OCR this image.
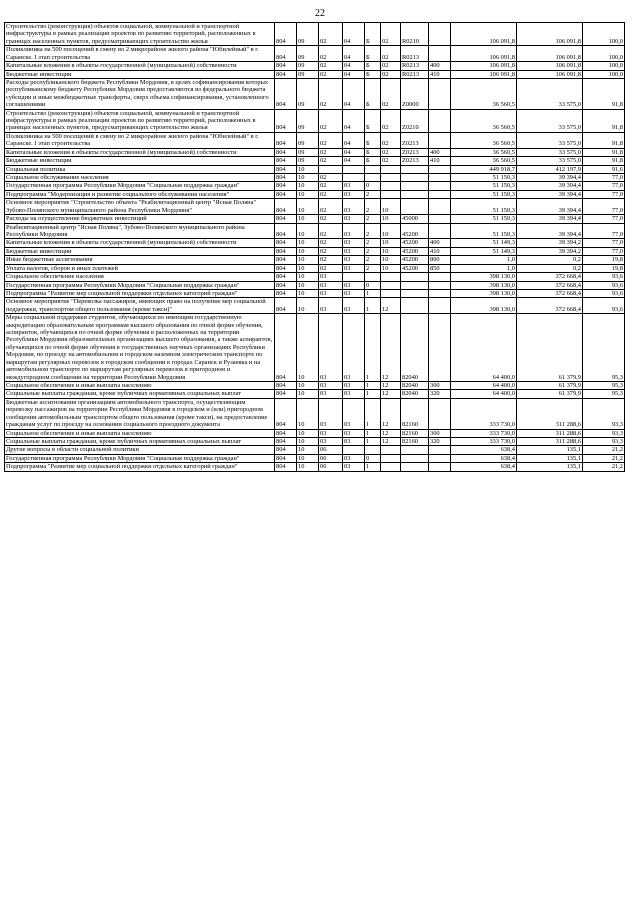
22
Строительство (реконструкция) объектов социальной, коммунальной и транспортной инфраструктуры в рамках реализации проектов по развитию территорий, расположенных в границах населенных пунктов, предусматривающих строительство жилья	804	09	02	04	Б	02	R0210		106 091,8	106 091,8	100,0
Поликлиника на 500 посещений в смену во 2 микрорайоне жилого района "Юбилейный" в г. Саранске. I этап строительства	804	09	02	04	Б	02	R0213		106 091,8	106 091,8	100,0
Капитальные вложения в объекты государственной (муниципальной) собственности	804	09	02	04	Б	02	R0213	400	106 091,8	106 091,8	100,0
Бюджетные инвестиции	804	09	02	04	Б	02	R0213	410	106 091,8	106 091,8	100,0
Расходы республиканского бюджета Республики Мордовия, в целях софинансирования которых республиканскому бюджету Республики Мордовия предоставляются из федерального бюджета субсидии и иные межбюджетные трансферты, сверх объема софинансирования, установленного соглашениями	804	09	02	04	Б	02	Z0000		36 560,5	33 575,0	91,8
Строительство (реконструкция) объектов социальной, коммунальной и транспортной инфраструктуры в рамках реализации проектов по развитию территорий, расположенных в границах населенных пунктов, предусматривающих строительство жилья	804	09	02	04	Б	02	Z0210		36 560,5	33 575,0	91,8
Поликлиника на 500 посещений в смену во 2 микрорайоне жилого района "Юбилейный" в г. Саранске. I этап строительства	804	09	02	04	Б	02	Z0213		36 560,5	33 575,0	91,8
Капитальные вложения в объекты государственной (муниципальной) собственности	804	09	02	04	Б	02	Z0213	400	36 560,5	33 575,0	91,8
Бюджетные инвестиции	804	09	02	04	Б	02	Z0213	410	36 560,5	33 575,0	91,8
Социальная политика	804	10							449 918,7	412 197,9	91,6
Социальное обслуживание населения	804	10	02						51 150,3	39 394,4	77,0
Государственная программа Республики Мордовия "Социальная поддержка граждан"	804	10	02	03	0				51 150,3	39 394,4	77,0
Подпрограмма "Модернизация и развитие социального обслуживания населения"	804	10	02	03	2				51 150,3	39 394,4	77,0
Основное мероприятие "Строительство объекта "Реабилитационный центр "Ясная Поляна" Зубово-Полянского муниципального района Республики Мордовия"	804	10	02	03	2	10			51 150,3	39 394,4	77,0
Расходы на осуществление бюджетных инвестиций	804	10	02	03	2	10	45000		51 150,3	39 394,4	77,0
Реабилитационный центр "Ясная Поляна", Зубово-Полянского муниципального района Республики Мордовия	804	10	02	03	2	10	45200		51 150,3	39 394,4	77,0
Капитальные вложения в объекты государственной (муниципальной) собственности	804	10	02	03	2	10	45200	400	51 149,3	39 394,2	77,0
Бюджетные инвестиции	804	10	02	03	2	10	45200	410	51 149,3	39 394,2	77,0
Иные бюджетные ассигнования	804	10	02	03	2	10	45200	800	1,0	0,2	19,8
Уплата налогов, сборов и иных платежей	804	10	02	03	2	10	45200	850	1,0	0,2	19,8
Социальное обеспечение населения	804	10	03						398 130,0	372 668,4	93,6
Государственная программа Республики Мордовия "Социальная поддержка граждан"	804	10	03	03	0				398 130,0	372 668,4	93,6
Подпрограмма "Развитие мер социальной поддержки отдельных категорий граждан"	804	10	03	03	1				398 130,0	372 668,4	93,6
Основное мероприятие "Перевозка пассажиров, имеющих право на получение мер социальной поддержки, транспортом общего пользования (кроме такси)"	804	10	03	03	1	12			398 130,0	372 668,4	93,6
Меры социальной поддержки студентов, обучающихся по имеющим государственную аккредитацию образовательным программам высшего образования по очной форме обучения, аспирантов, обучающихся по очной форме обучения в расположенных на территории Республики Мордовия образовательных организациях высшего образования, а также аспирантов, обучающихся по очной форме обучения в государственных научных организациях Республики Мордовия, по проезду на автомобильном и городском наземном электрическом транспорте по маршрутам регулярных перевозок в городском сообщении в городах Саранск и Рузаевка и на автомобильном транспорте по маршрутам регулярных перевозок в пригородном и междугородном сообщении на территории Республики Мордовия	804	10	03	03	1	12	82040		64 400,0	61 379,9	95,3
Социальное обеспечение и иные выплаты населению	804	10	03	03	1	12	82040	300	64 400,0	61 379,9	95,3
Социальные выплаты гражданам, кроме публичных нормативных социальных выплат	804	10	03	03	1	12	82040	320	64 400,0	61 379,9	95,3
Бюджетные ассигнования организациям автомобильного транспорта, осуществляющим перевозку пассажиров на территории Республики Мордовия в городском и (или) пригородном сообщении автомобильным транспортом общего пользования (кроме такси), на предоставление гражданам услуг по проезду на основании социального проездного документа	804	10	03	03	1	12	82160		333 730,0	311 288,6	93,3
Социальное обеспечение и иные выплаты населению	804	10	03	03	1	12	82160	300	333 730,0	311 288,6	93,3
Социальные выплаты гражданам, кроме публичных нормативных социальных выплат	804	10	03	03	1	12	82160	320	333 730,0	311 288,6	93,3
Другие вопросы в области социальной политики	804	10	06						638,4	135,1	21,2
Государственная программа Республики Мордовия "Социальная поддержка граждан"	804	10	06	03	0				638,4	135,1	21,2
Подпрограмма "Развитие мер социальной поддержки отдельных категорий граждан"	804	10	06	03	1				638,4	135,1	21,2
